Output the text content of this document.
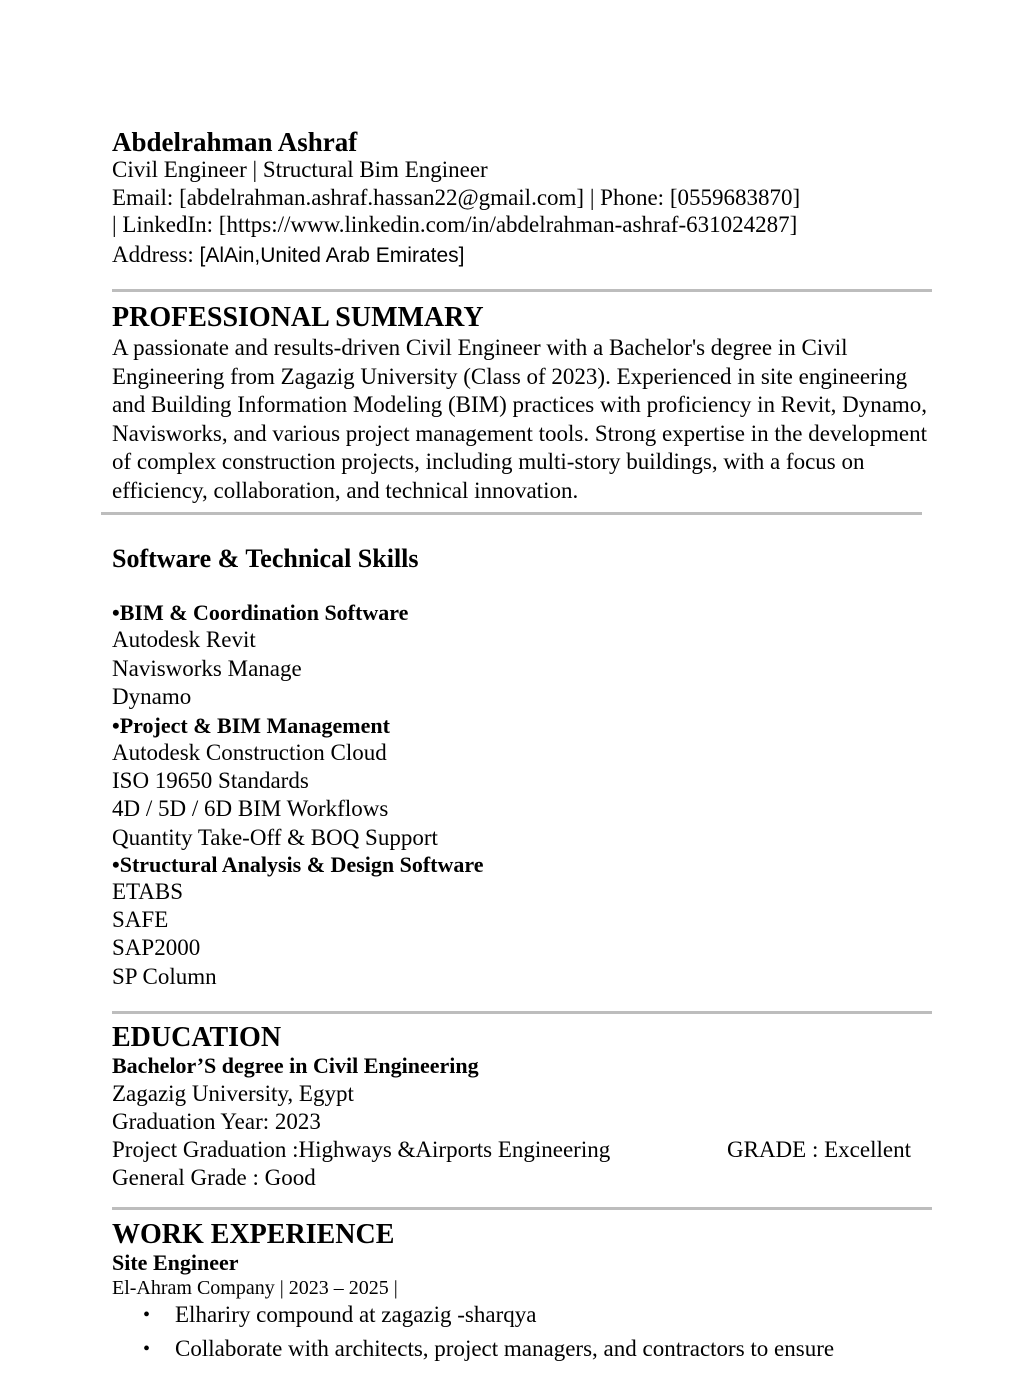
Abdelrahman Ashraf
Civil Engineer | Structural Bim Engineer
Email: [abdelrahman.ashraf.hassan22@gmail.com] | Phone: [0559683870]
| LinkedIn: [https://www.linkedin.com/in/abdelrahman-ashraf-631024287]
Address: [AlAin,United Arab Emirates]
PROFESSIONAL SUMMARY
A passionate and results-driven Civil Engineer with a Bachelor's degree in Civil Engineering from Zagazig University (Class of 2023). Experienced in site engineering and Building Information Modeling (BIM) practices with proficiency in Revit, Dynamo, Navisworks, and various project management tools. Strong expertise in the development of complex construction projects, including multi-story buildings, with a focus on efficiency, collaboration, and technical innovation.
Software & Technical Skills
•BIM & Coordination Software
Autodesk Revit
Navisworks Manage
Dynamo
•Project & BIM Management
Autodesk Construction Cloud
ISO 19650 Standards
4D / 5D / 6D BIM Workflows
Quantity Take-Off & BOQ Support
•Structural Analysis & Design Software
ETABS
SAFE
SAP2000
SP Column
EDUCATION
Bachelor’S degree in Civil Engineering
Zagazig University, Egypt
Graduation Year: 2023
Project Graduation :Highways &Airports Engineering	GRADE : Excellent
General Grade : Good
WORK EXPERIENCE
Site Engineer
El-Ahram Company | 2023 – 2025 |
• Elhariry compound at zagazig -sharqya
• Collaborate with architects, project managers, and contractors to ensure
